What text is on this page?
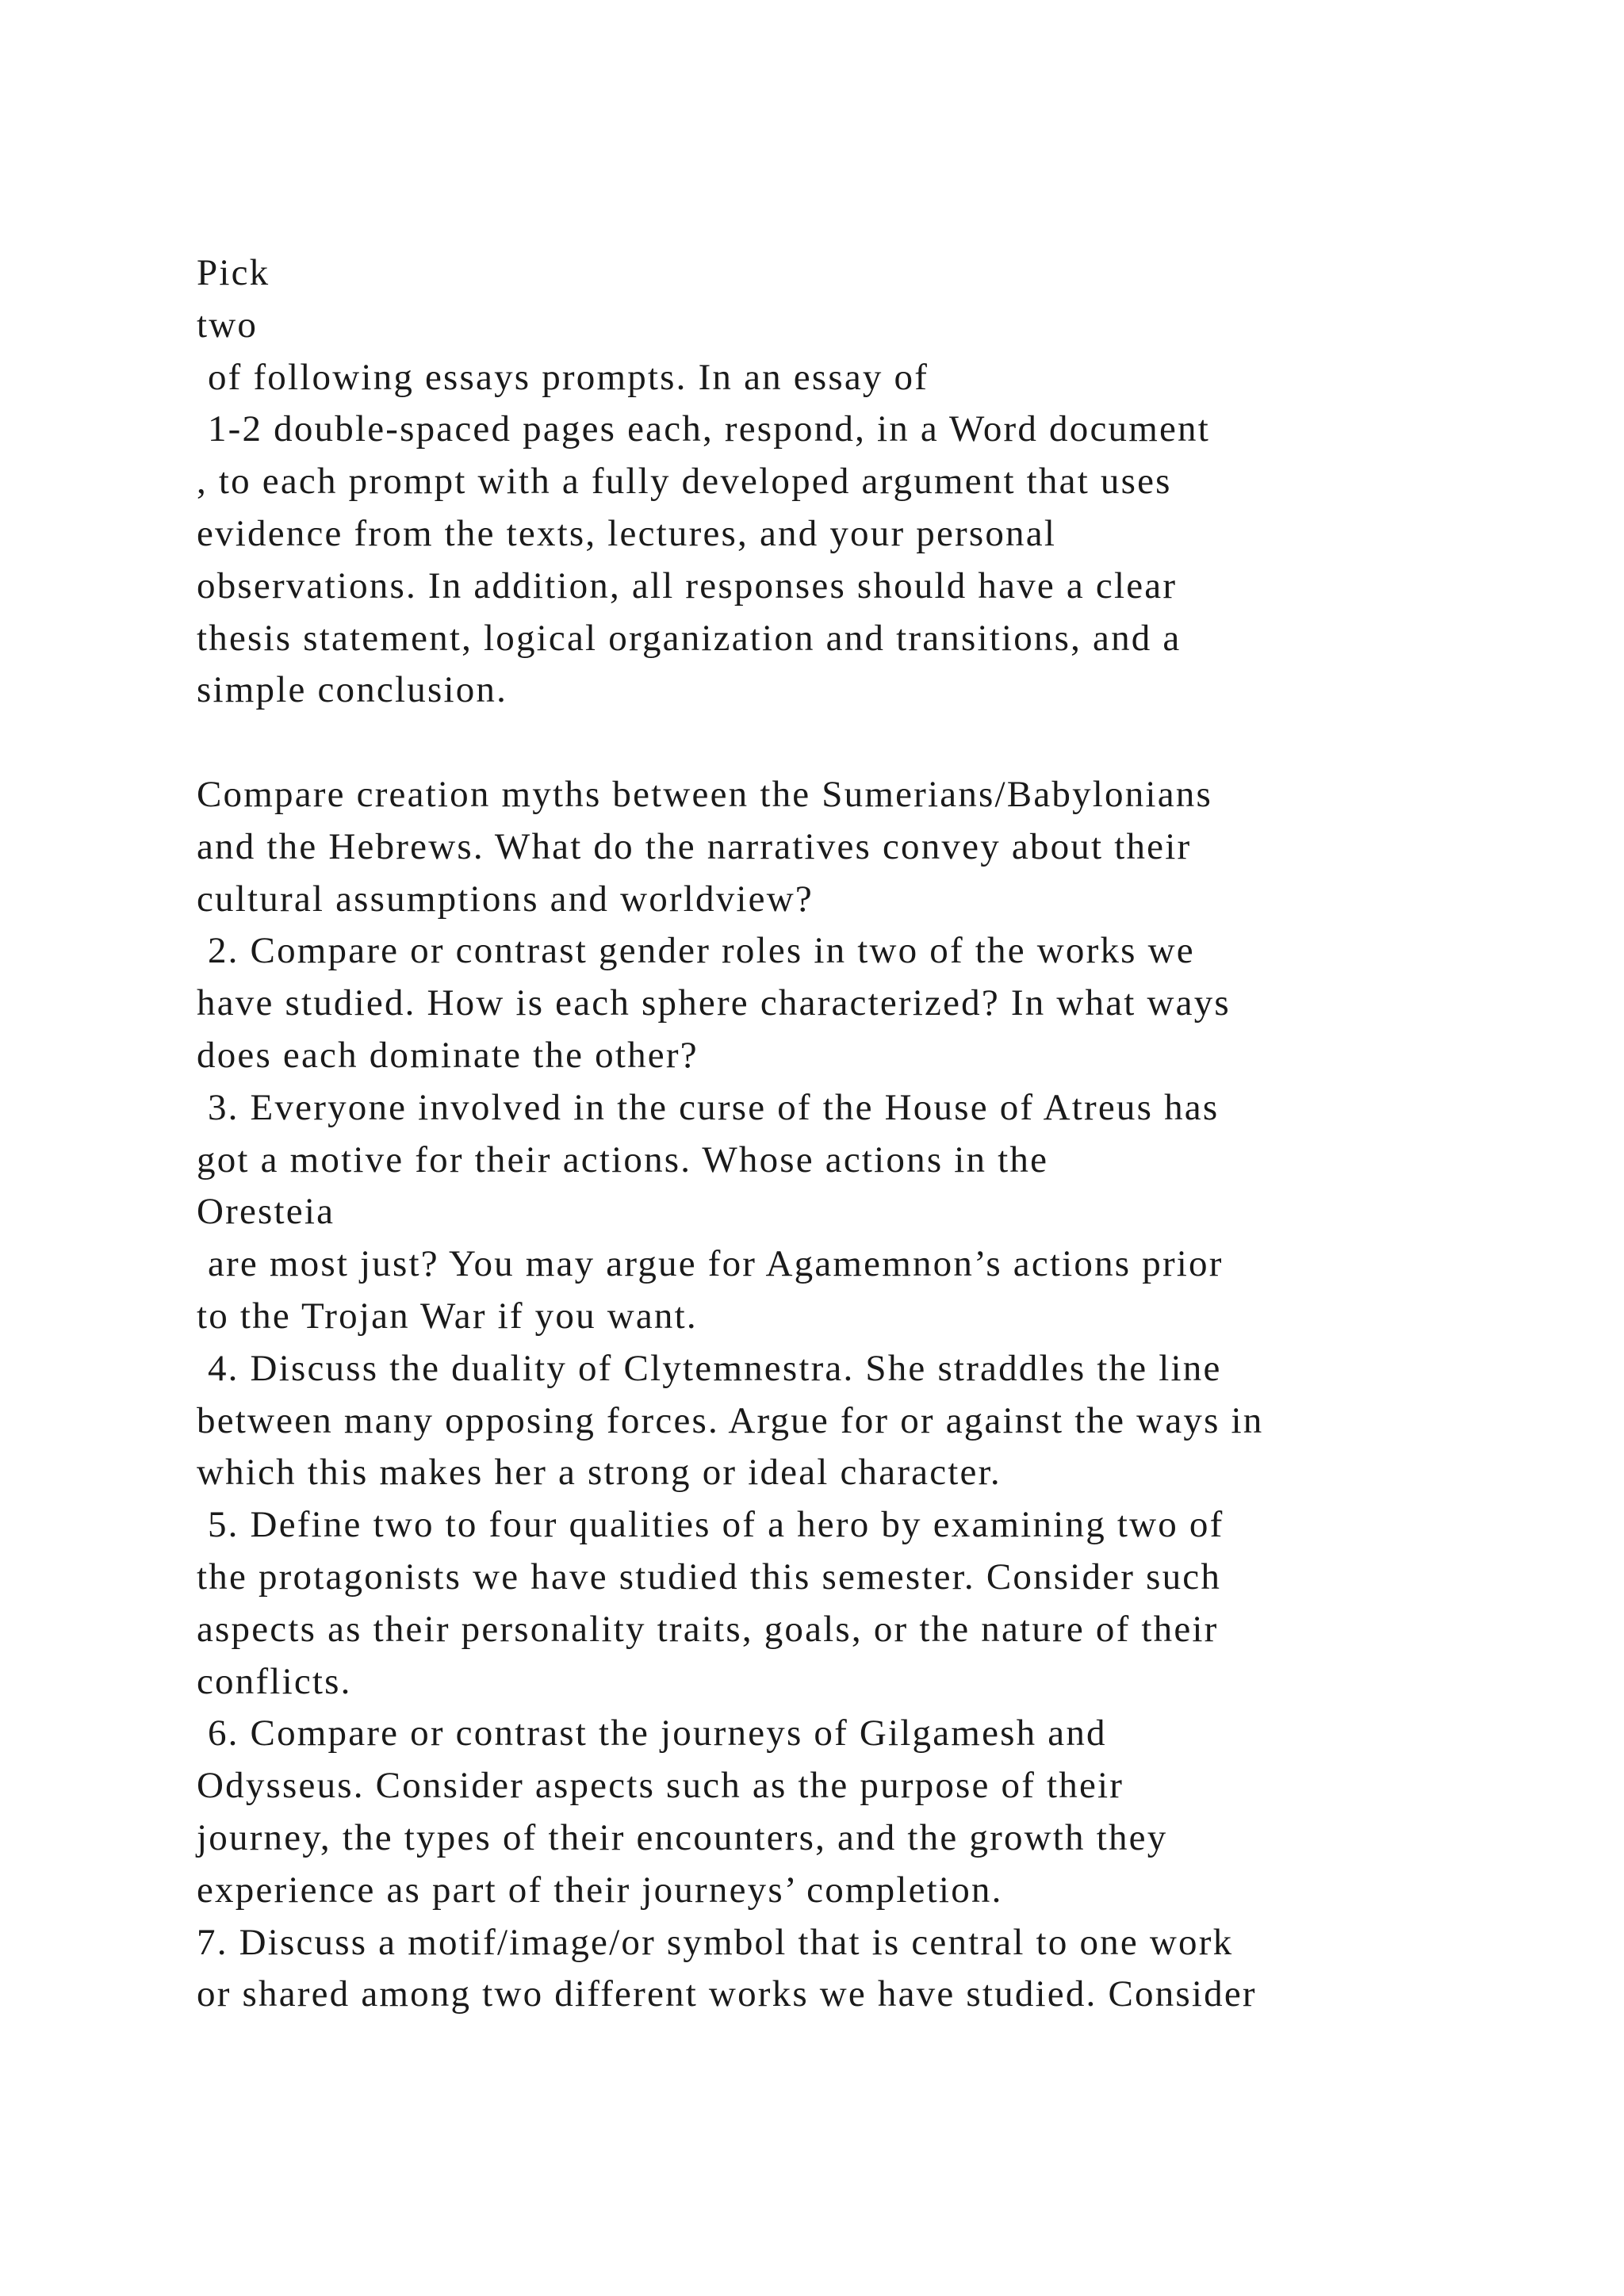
Pick
two
of following essays prompts. In an essay of
1-2 double-spaced pages each, respond, in a Word document
, to each prompt with a fully developed argument that uses
evidence from the texts, lectures, and your personal
observations. In addition, all responses should have a clear
thesis statement, logical organization and transitions, and a
simple conclusion.
Compare creation myths between the Sumerians/Babylonians
and the Hebrews. What do the narratives convey about their
cultural assumptions and worldview?
2. Compare or contrast gender roles in two of the works we
have studied. How is each sphere characterized? In what ways
does each dominate the other?
3. Everyone involved in the curse of the House of Atreus has
got a motive for their actions. Whose actions in the
Oresteia
are most just? You may argue for Agamemnon’s actions prior
to the Trojan War if you want.
4. Discuss the duality of Clytemnestra. She straddles the line
between many opposing forces. Argue for or against the ways in
which this makes her a strong or ideal character.
5. Define two to four qualities of a hero by examining two of
the protagonists we have studied this semester. Consider such
aspects as their personality traits, goals, or the nature of their
conflicts.
6. Compare or contrast the journeys of Gilgamesh and
Odysseus. Consider aspects such as the purpose of their
journey, the types of their encounters, and the growth they
experience as part of their journeys’ completion.
7. Discuss a motif/image/or symbol that is central to one work
or shared among two different works we have studied. Consider
